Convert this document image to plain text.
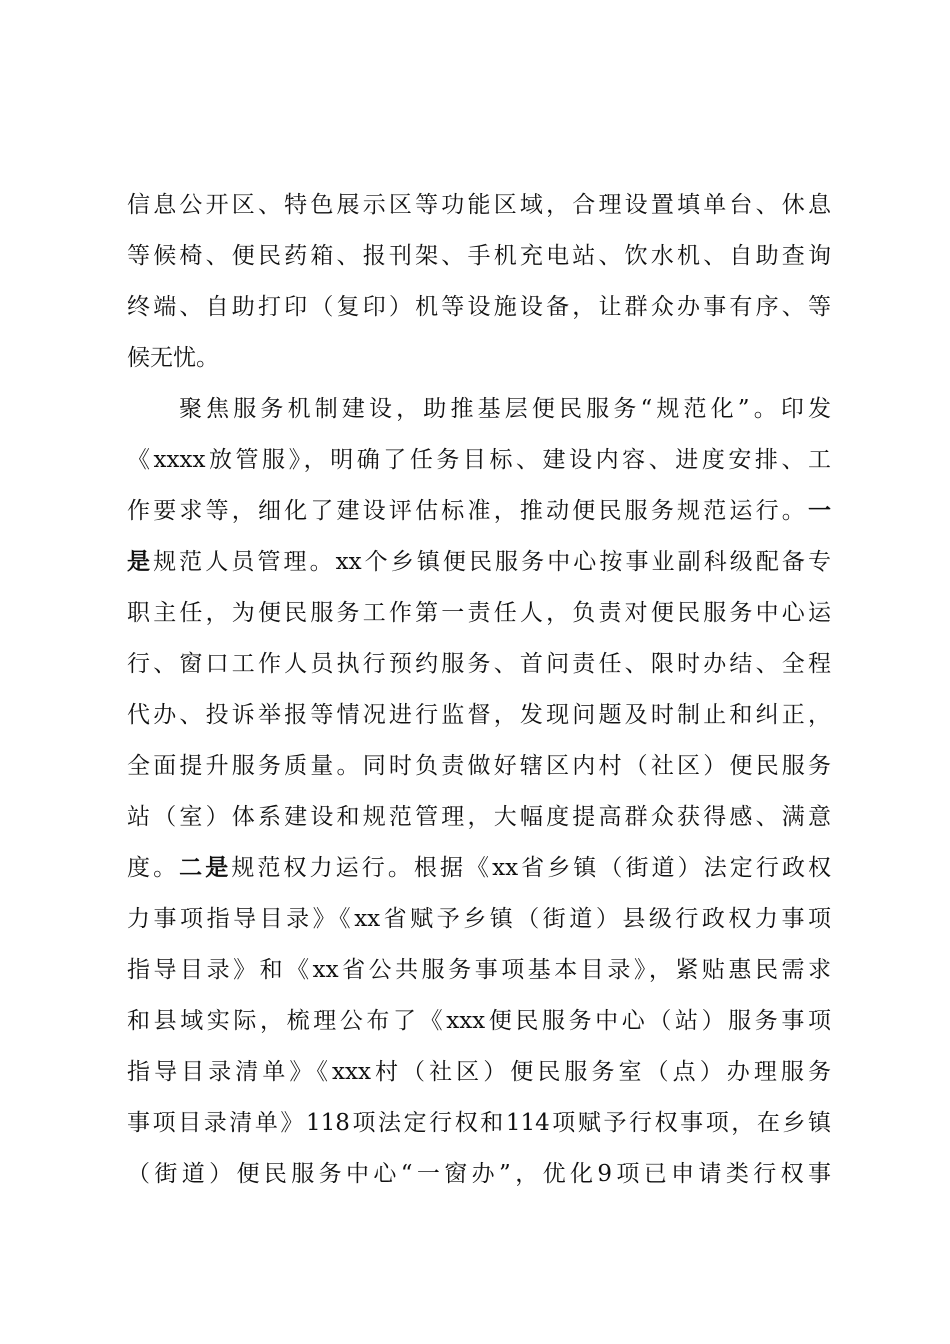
信息公开区、特色展示区等功能区域，合理设置填单台、休息
等候椅、便民药箱、报刊架、手机充电站、饮水机、自助查询
终端、自助打印（复印）机等设施设备，让群众办事有序、等
候无忧。
聚焦服务机制建设，助推基层便民服务“规范化”。印发
《xxxx放管服》，明确了任务目标、建设内容、进度安排、工
作要求等，细化了建设评估标准，推动便民服务规范运行。一
是规范人员管理。xx个乡镇便民服务中心按事业副科级配备专
职主任，为便民服务工作第一责任人，负责对便民服务中心运
行、窗口工作人员执行预约服务、首问责任、限时办结、全程
代办、投诉举报等情况进行监督，发现问题及时制止和纠正，
全面提升服务质量。同时负责做好辖区内村（社区）便民服务
站（室）体系建设和规范管理，大幅度提高群众获得感、满意
度。二是规范权力运行。根据《xx省乡镇（街道）法定行政权
力事项指导目录》《xx省赋予乡镇（街道）县级行政权力事项
指导目录》和《xx省公共服务事项基本目录》，紧贴惠民需求
和县域实际，梳理公布了《xxx便民服务中心（站）服务事项
指导目录清单》《xxx村（社区）便民服务室（点）办理服务
事项目录清单》118项法定行权和114项赋予行权事项，在乡镇
（街道）便民服务中心“一窗办”，优化9项已申请类行权事
